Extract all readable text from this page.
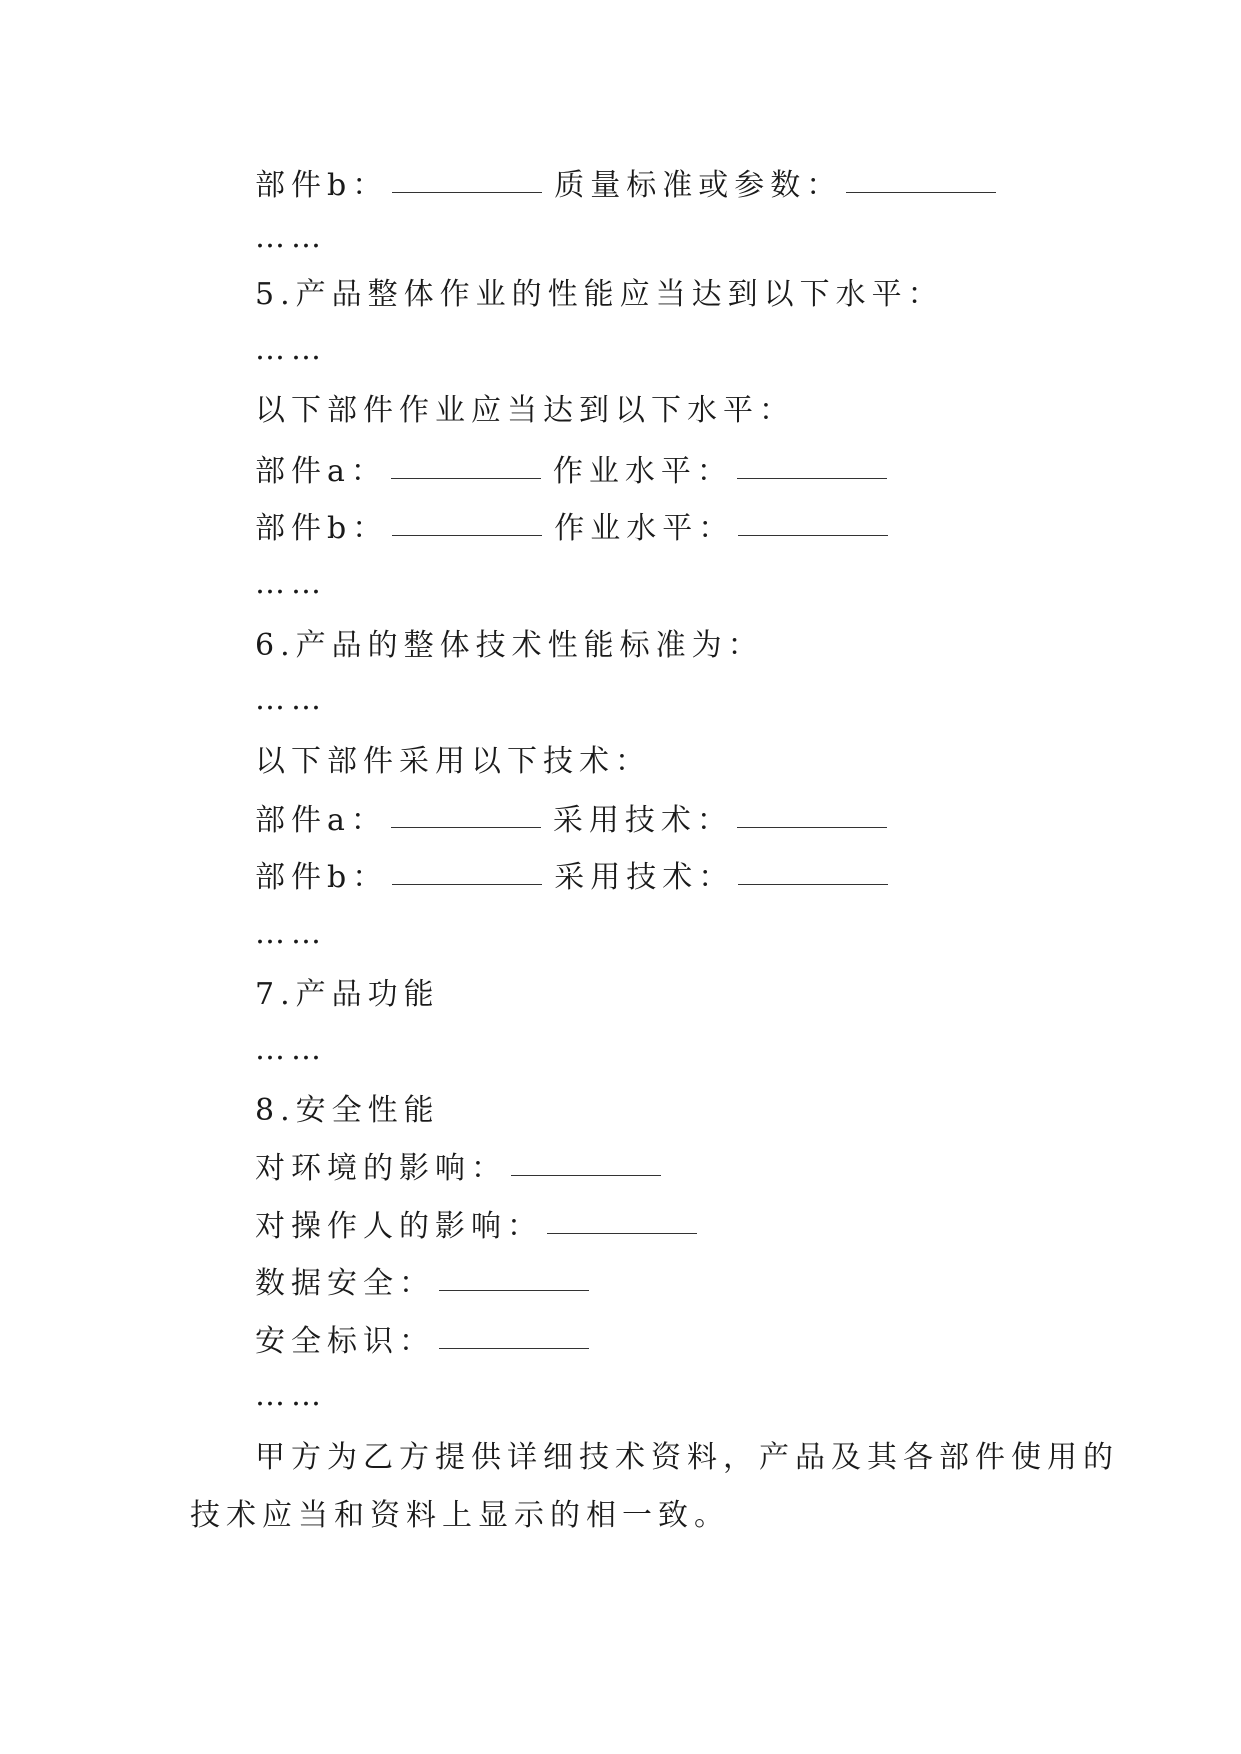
部件b：	质量标准或参数：
……
5.产品整体作业的性能应当达到以下水平：
……
以下部件作业应当达到以下水平：
部件a：	作业水平：
部件b：	作业水平：
……
6.产品的整体技术性能标准为：
……
以下部件采用以下技术：
部件a：	采用技术：
部件b：	采用技术：
……
7.产品功能
……
8.安全性能
对环境的影响：
对操作人的影响：
数据安全：
安全标识：
……
甲方为乙方提供详细技术资料，产品及其各部件使用的
技术应当和资料上显示的相一致。
